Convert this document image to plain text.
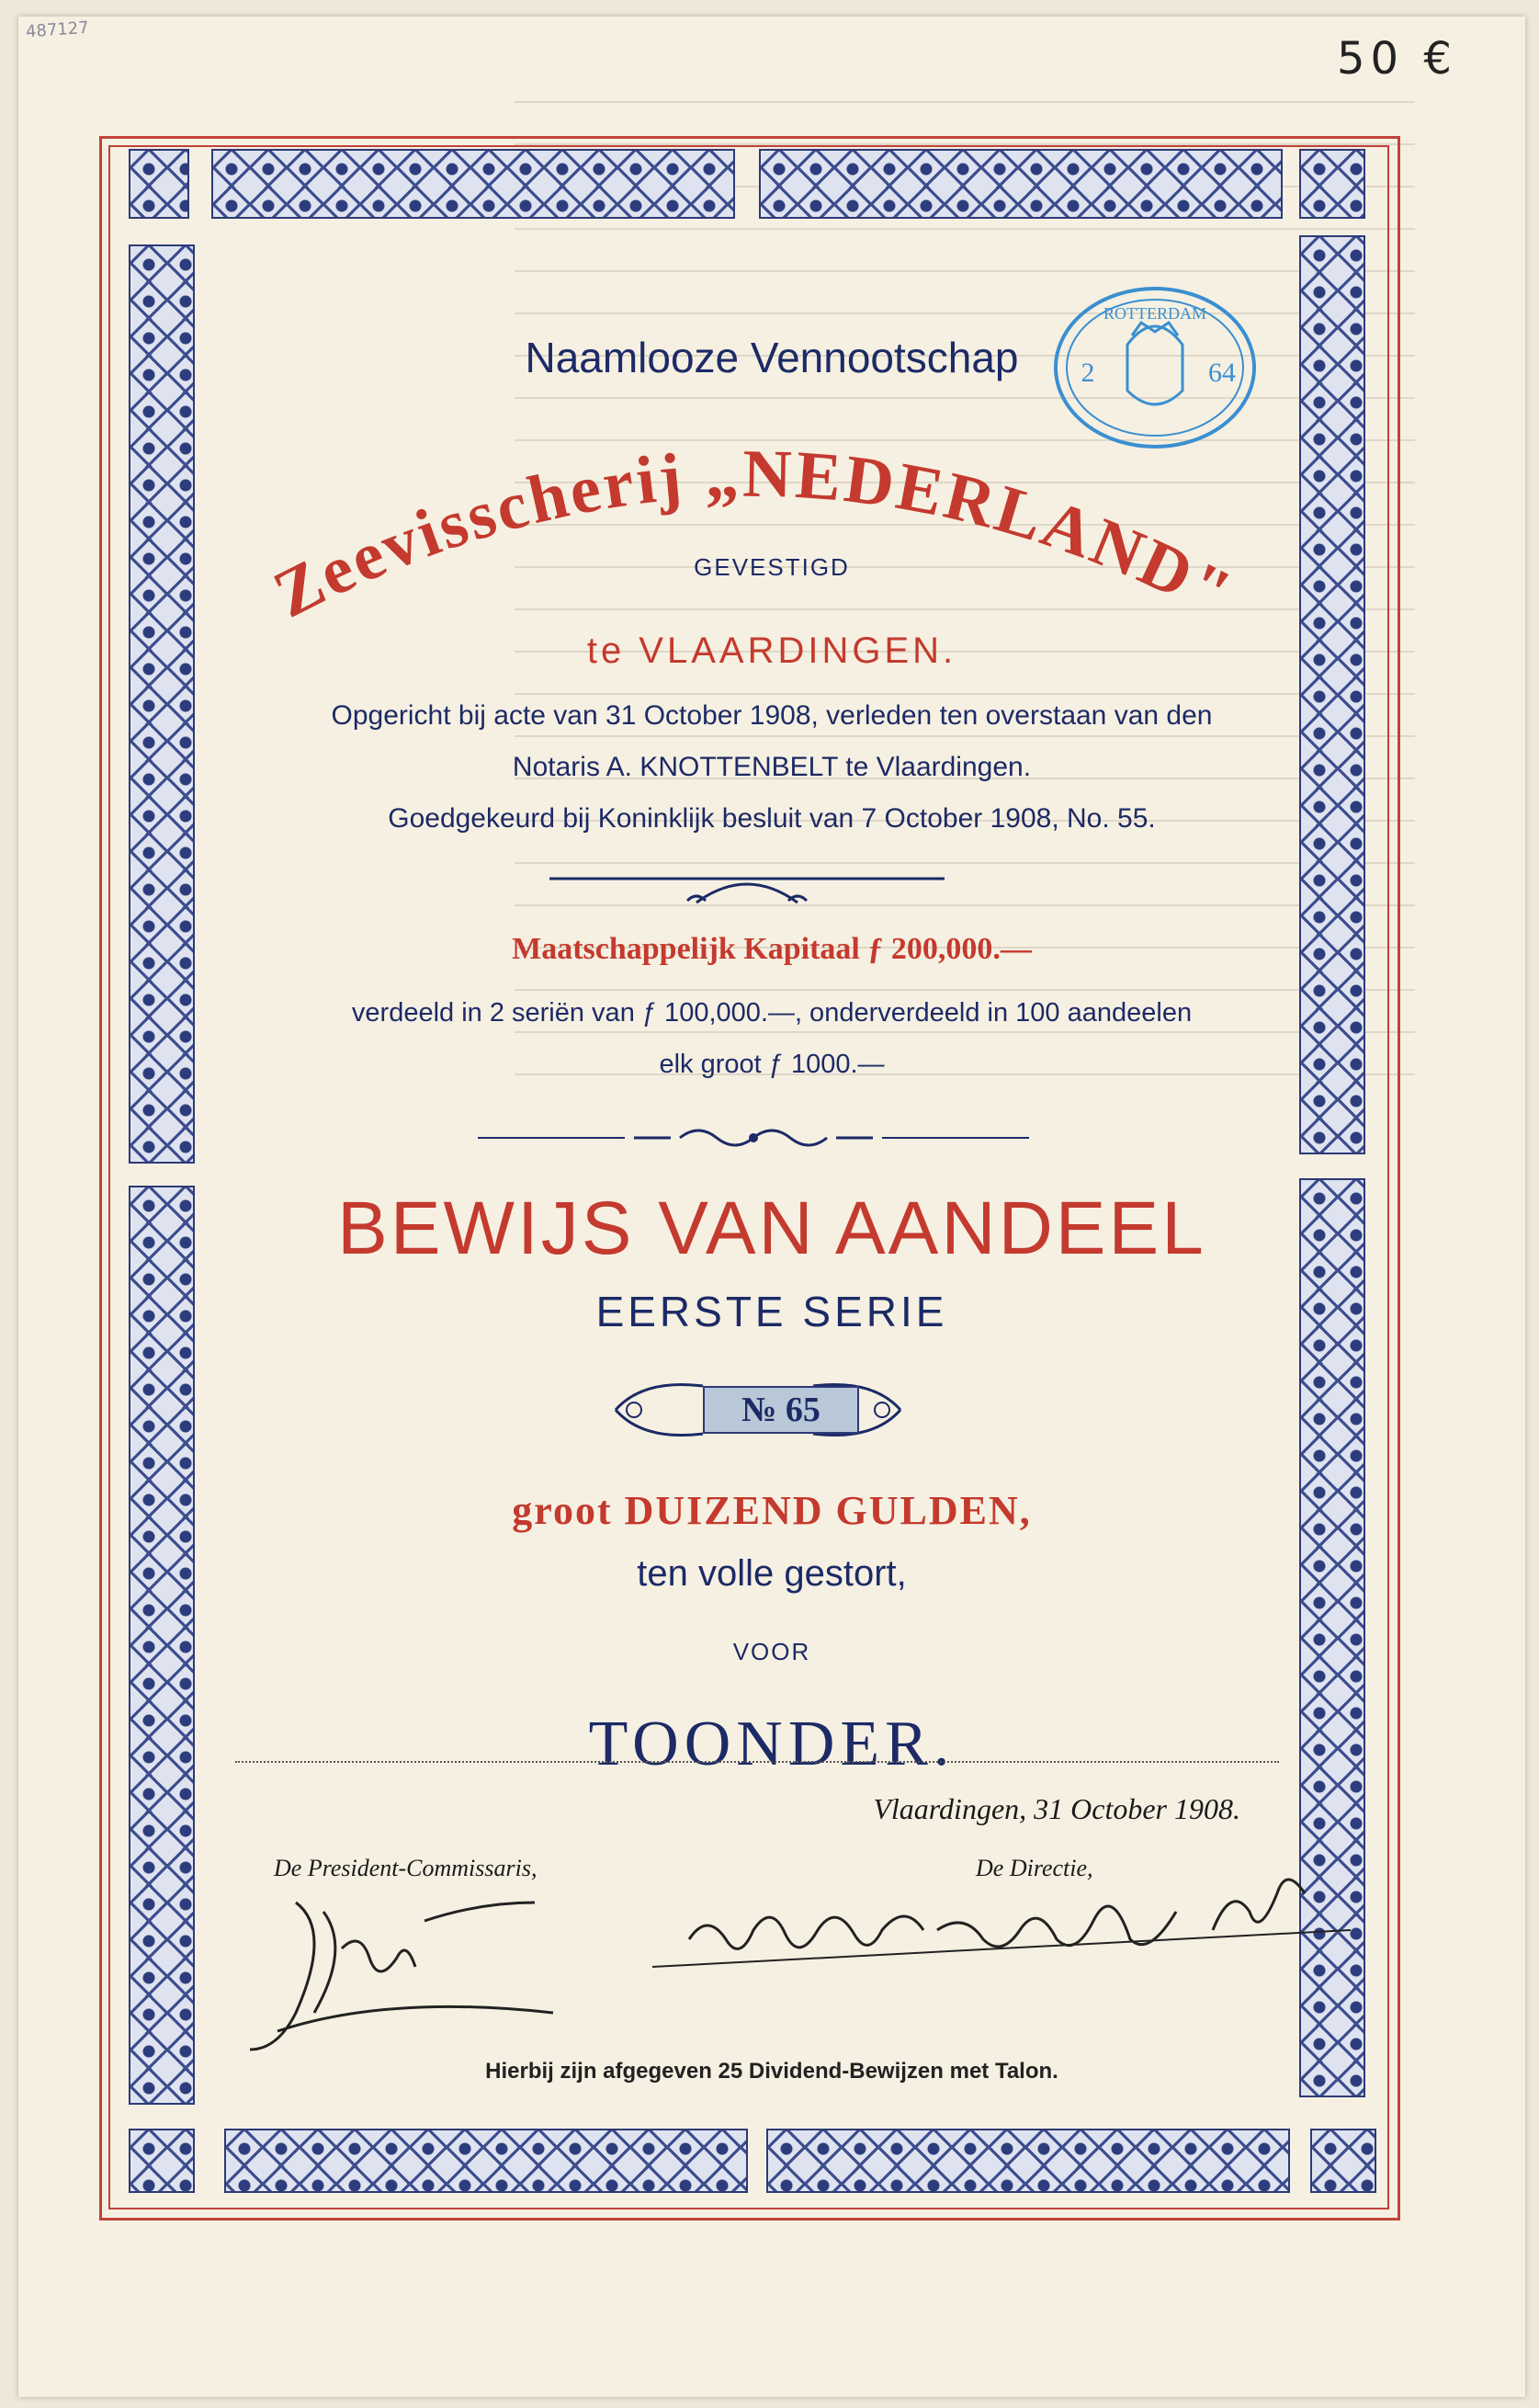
487127
50 €
ROTTERDAM
2	64
Naamlooze Vennootschap
Zeevisscherij „NEDERLAND"
GEVESTIGD
te VLAARDINGEN.
Opgericht bij acte van 31 October 1908, verleden ten overstaan van den
Notaris A. KNOTTENBELT te Vlaardingen.
Goedgekeurd bij Koninklijk besluit van 7 October 1908, No. 55.
Maatschappelijk Kapitaal ƒ 200,000.—
verdeeld in 2 seriën van ƒ 100,000.—, onderverdeeld in 100 aandeelen
elk groot ƒ 1000.—
BEWIJS VAN AANDEEL
EERSTE SERIE
№ 65
groot DUIZEND GULDEN,
ten volle gestort,
VOOR
TOONDER.
Vlaardingen, 31 October 1908.
De President-Commissaris,	De Directie,
Hierbij zijn afgegeven 25 Dividend-Bewijzen met Talon.
